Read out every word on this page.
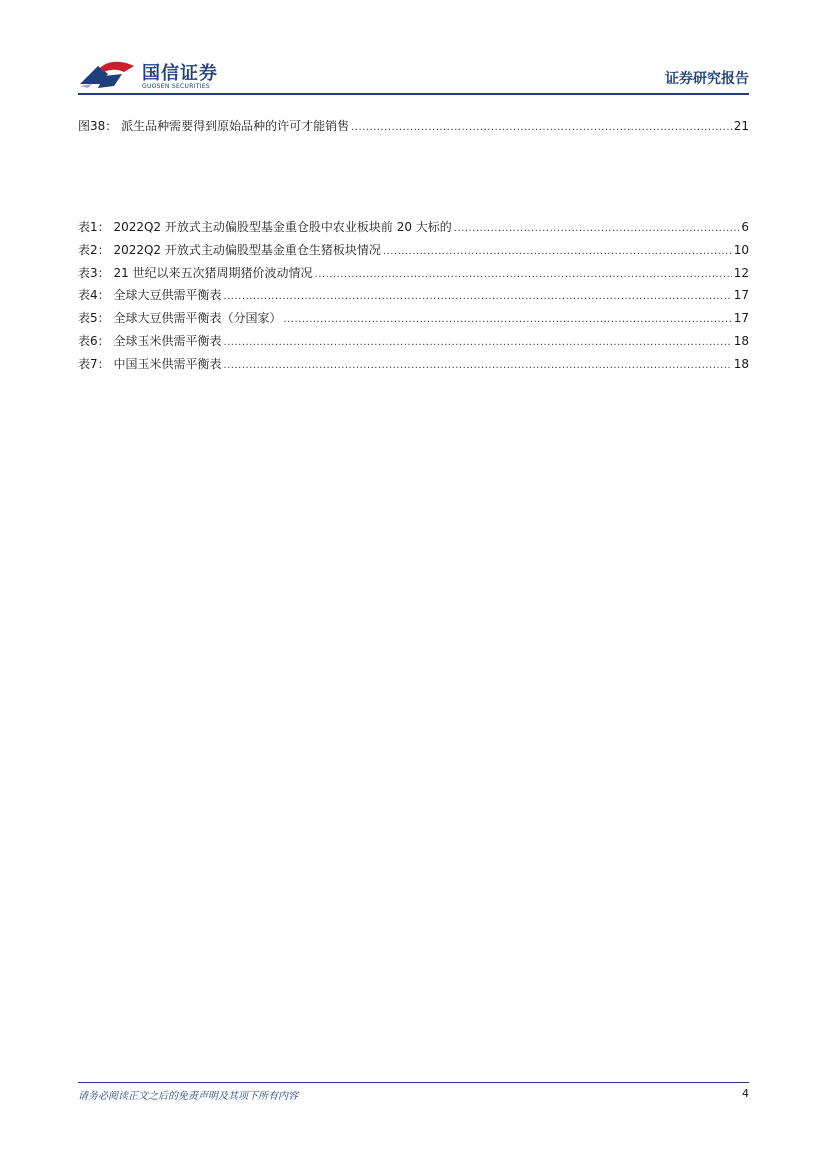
国信证券
GUOSEN SECURITIES	证券研究报告
图38： 派生品种需要得到原始品种的许可才能销售 .....	21
表1： 2022Q2 开放式主动偏股型基金重仓股中农业板块前 20 大标的 .....	6
表2： 2022Q2 开放式主动偏股型基金重仓生猪板块情况 .....	10
表3： 21 世纪以来五次猪周期猪价波动情况 .....	12
表4： 全球大豆供需平衡表 .....	17
表5： 全球大豆供需平衡表（分国家） .....	17
表6： 全球玉米供需平衡表 .....	18
表7： 中国玉米供需平衡表 .....	18
请务必阅读正文之后的免责声明及其项下所有内容	4
